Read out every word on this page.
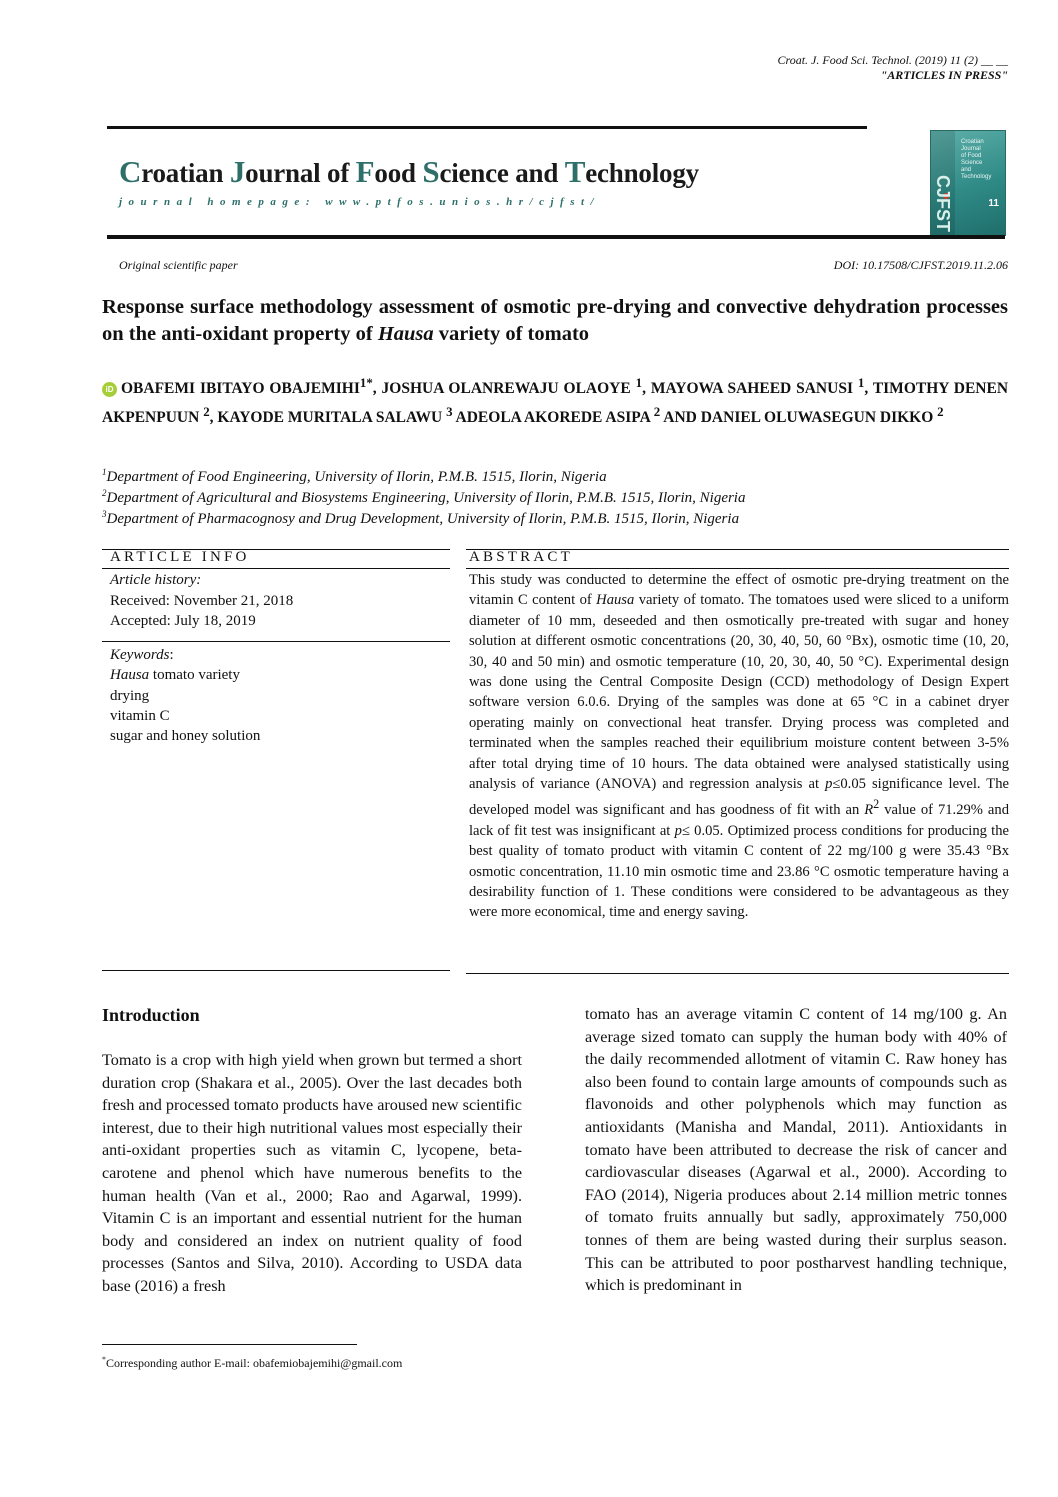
Croat. J. Food Sci. Technol. (2019) 11 (2) __ __
"ARTICLES IN PRESS"
Croatian Journal of Food Science and Technology
journal homepage: www.ptfos.unios.hr/cjfst/	CJFST
Croatian
Journal
of Food Science
and Technology
11
Original scientific paper	DOI: 10.17508/CJFST.2019.11.2.06
Response surface methodology assessment of osmotic pre-drying and convective dehydration processes on the anti-oxidant property of Hausa variety of tomato
iD OBAFEMI IBITAYO $OBAJEMIHI^{1*}$, JOSHUA OLANREWAJU OLAOYE $^1$, MAYOWA SAHEED SANUSI $^1$, TIMOTHY DENEN AKPENPUUN $^2$, KAYODE MURITALA SALAWU $^3$ ADEOLA AKOREDE ASIPA $^2$ AND DANIEL OLUWASEGUN DIKKO $^2$
$^1$Department of Food Engineering, University of Ilorin, P.M.B. 1515, Ilorin, Nigeria
$^2$Department of Agricultural and Biosystems Engineering, University of Ilorin, P.M.B. 1515, Ilorin, Nigeria
$^3$Department of Pharmacognosy and Drug Development, University of Ilorin, P.M.B. 1515, Ilorin, Nigeria
ARTICLE INFO
Article history:
Received: November 21, 2018
Accepted: July 18, 2019
Keywords:
Hausa tomato variety
drying
vitamin C
sugar and honey solution
ABSTRACT
This study was conducted to determine the effect of osmotic pre-drying treatment on the vitamin C content of Hausa variety of tomato. The tomatoes used were sliced to a uniform diameter of 10 mm, deseeded and then osmotically pre-treated with sugar and honey solution at different osmotic concentrations (20, 30, 40, 50, 60 °Bx), osmotic time (10, 20, 30, 40 and 50 min) and osmotic temperature (10, 20, 30, 40, 50 °C). Experimental design was done using the Central Composite Design (CCD) methodology of Design Expert software version 6.0.6. Drying of the samples was done at 65 °C in a cabinet dryer operating mainly on convectional heat transfer. Drying process was completed and terminated when the samples reached their equilibrium moisture content between 3-5% after total drying time of 10 hours. The data obtained were analysed statistically using analysis of variance (ANOVA) and regression analysis at p≤0.05 significance level. The developed model was significant and has goodness of fit with an $R^2$ value of 71.29% and lack of fit test was insignificant at p≤ 0.05. Optimized process conditions for producing the best quality of tomato product with vitamin C content of 22 mg/100 g were 35.43 °Bx osmotic concentration, 11.10 min osmotic time and 23.86 °C osmotic temperature having a desirability function of 1. These conditions were considered to be advantageous as they were more economical, time and energy saving.
Introduction
Tomato is a crop with high yield when grown but termed a short duration crop (Shakara et al., 2005). Over the last decades both fresh and processed tomato products have aroused new scientific interest, due to their high nutritional values most especially their anti-oxidant properties such as vitamin C, lycopene, beta-carotene and phenol which have numerous benefits to the human health (Van et al., 2000; Rao and Agarwal, 1999). Vitamin C is an important and essential nutrient for the human body and considered an index on nutrient quality of food processes (Santos and Silva, 2010). According to USDA data base (2016) a fresh
tomato has an average vitamin C content of 14 mg/100 g. An average sized tomato can supply the human body with 40% of the daily recommended allotment of vitamin C. Raw honey has also been found to contain large amounts of compounds such as flavonoids and other polyphenols which may function as antioxidants (Manisha and Mandal, 2011). Antioxidants in tomato have been attributed to decrease the risk of cancer and cardiovascular diseases (Agarwal et al., 2000). According to FAO (2014), Nigeria produces about 2.14 million metric tonnes of tomato fruits annually but sadly, approximately 750,000 tonnes of them are being wasted during their surplus season. This can be attributed to poor postharvest handling technique, which is predominant in
*Corresponding author E-mail: obafemiobajemihi@gmail.com
